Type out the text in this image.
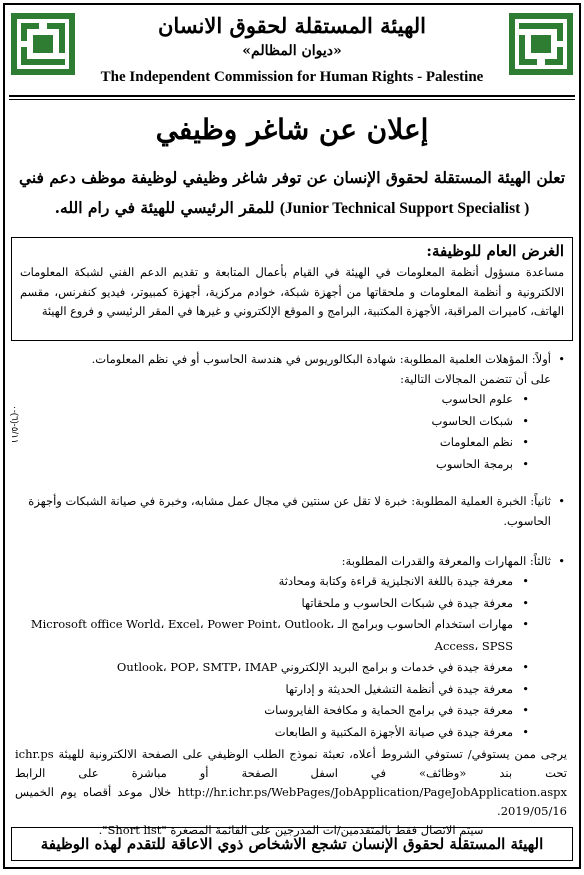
الهيئة المستقلة لحقوق الانسان
«ديوان المظالم»
The Independent Commission for Human Rights - Palestine
إعلان عن شاغر وظيفي
تعلن الهيئة المستقلة لحقوق الإنسان عن توفر شاغر وظيفي لوظيفة موظف دعم فني
( Junior Technical Support Specialist) للمقر الرئيسي للهيئة في رام الله.
الغرض العام للوظيفة:
مساعدة مسؤول أنظمة المعلومات في الهيئة في القيام بأعمال المتابعة و تقديم الدعم الفني لشبكة المعلومات الالكترونية و أنظمة المعلومات و ملحقاتها من أجهزة شبكة، خوادم مركزية، أجهزة كمبيوتر، فيديو كنفرنس، مقسم الهاتف، كاميرات المراقبة، الأجهزة المكتبية، البرامج و الموقع الإلكتروني و غيرها في المقر الرئيسي و فروع الهيئة
٥/١١-(٦)-٠

• أولاً: المؤهلات العلمية المطلوبة: شهادة البكالوريوس في هندسة الحاسوب أو في نظم المعلومات.

على أن تتضمن المجالات التالية:

• علوم الحاسوب
• شبكات الحاسوب
• نظم المعلومات
• برمجة الحاسوب

• ثانياً: الخبرة العملية المطلوبة: خبرة لا تقل عن سنتين في مجال عمل مشابه، وخبرة في صيانة الشبكات وأجهزة الحاسوب.

• ثالثاً: المهارات والمعرفة والقدرات المطلوبة:

• معرفة جيدة باللغة الانجليزية قراءة وكتابة ومحادثة
• معرفة جيدة في شبكات الحاسوب و ملحقاتها
• مهارات استخدام الحاسوب وبرامج الـ Microsoft office World، Excel، Power Point، Outlook، Access، SPSS
• معرفة جيدة في خدمات و برامج البريد الإلكتروني Outlook، POP، SMTP، IMAP
• معرفة جيدة في أنظمة التشغيل الحديثة و إدارتها
• معرفة جيدة في برامج الحماية و مكافحة الفايروسات
• معرفة جيدة في صيانة الأجهزة المكتبية و الطابعات
يرجى ممن يستوفي/ تستوفي الشروط أعلاه، تعبئة نموذج الطلب الوظيفي على الصفحة الالكترونية للهيئة ichr.ps تحت بند «وظائف» في اسفل الصفحة أو مباشرة على الرابط http://hr.ichr.ps/WebPages/JobApplication/PageJobApplication.aspx خلال موعد أقصاه يوم الخميس 2019/05/16.
سيتم الاتصال فقط بالمتقدمين/ات المدرجين على القائمة المصغرة "Short list".
الهيئة المستقلة لحقوق الإنسان تشجع الاشخاص ذوي الاعاقة للتقدم لهذه الوظيفة
